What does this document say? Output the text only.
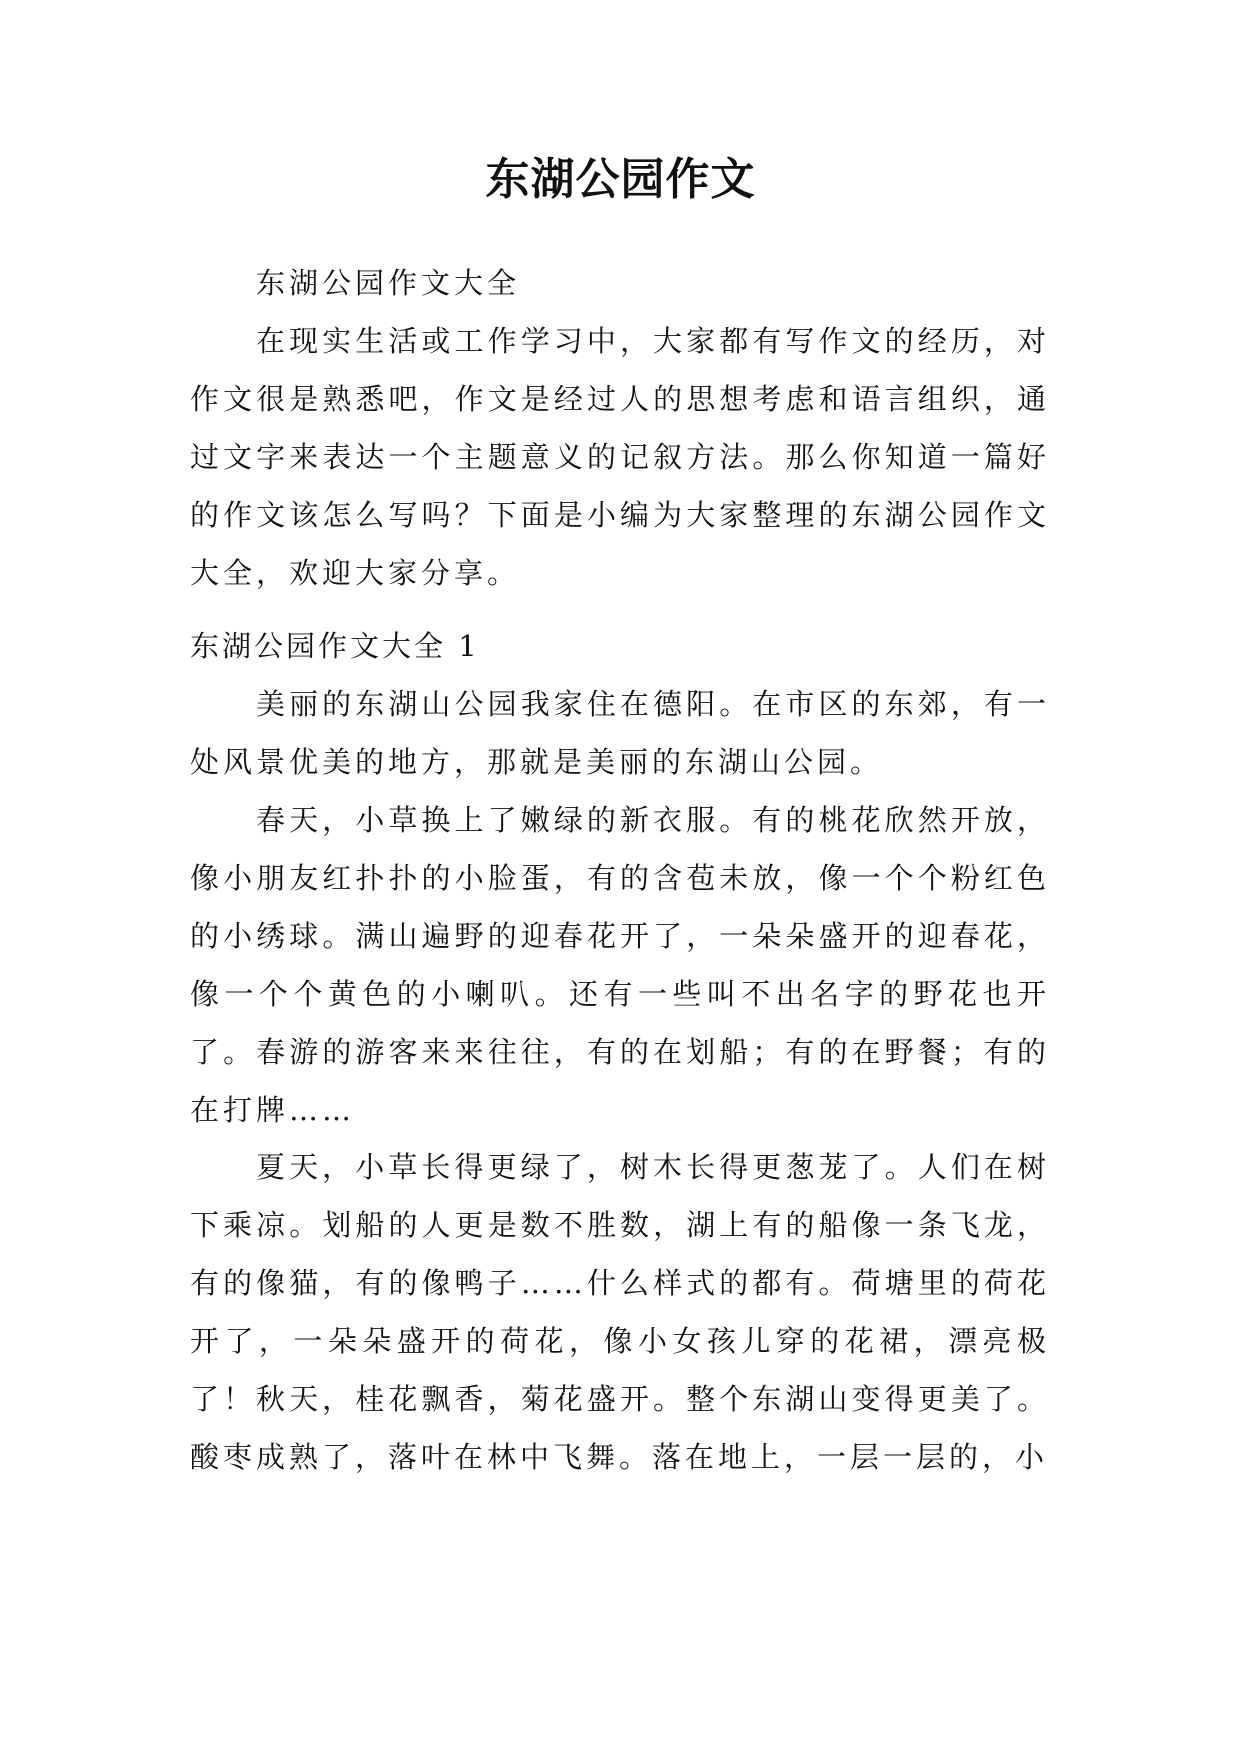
东湖公园作文

东湖公园作文大全

在现实生活或工作学习中，大家都有写作文的经历，对作文很是熟悉吧，作文是经过人的思想考虑和语言组织，通过文字来表达一个主题意义的记叙方法。那么你知道一篇好的作文该怎么写吗？下面是小编为大家整理的东湖公园作文大全，欢迎大家分享。

东湖公园作文大全 1

美丽的东湖山公园我家住在德阳。在市区的东郊，有一处风景优美的地方，那就是美丽的东湖山公园。

春天，小草换上了嫩绿的新衣服。有的桃花欣然开放，像小朋友红扑扑的小脸蛋，有的含苞未放，像一个个粉红色的小绣球。满山遍野的迎春花开了，一朵朵盛开的迎春花，像一个个黄色的小喇叭。还有一些叫不出名字的野花也开了。春游的游客来来往往，有的在划船；有的在野餐；有的在打牌……

夏天，小草长得更绿了，树木长得更葱茏了。人们在树下乘凉。划船的人更是数不胜数，湖上有的船像一条飞龙，有的像猫，有的像鸭子……什么样式的都有。荷塘里的荷花开了，一朵朵盛开的荷花，像小女孩儿穿的花裙，漂亮极了！ 秋天，桂花飘香，菊花盛开。整个东湖山变得更美了。酸枣成熟了，落叶在林中飞舞。落在地上，一层一层的，小
